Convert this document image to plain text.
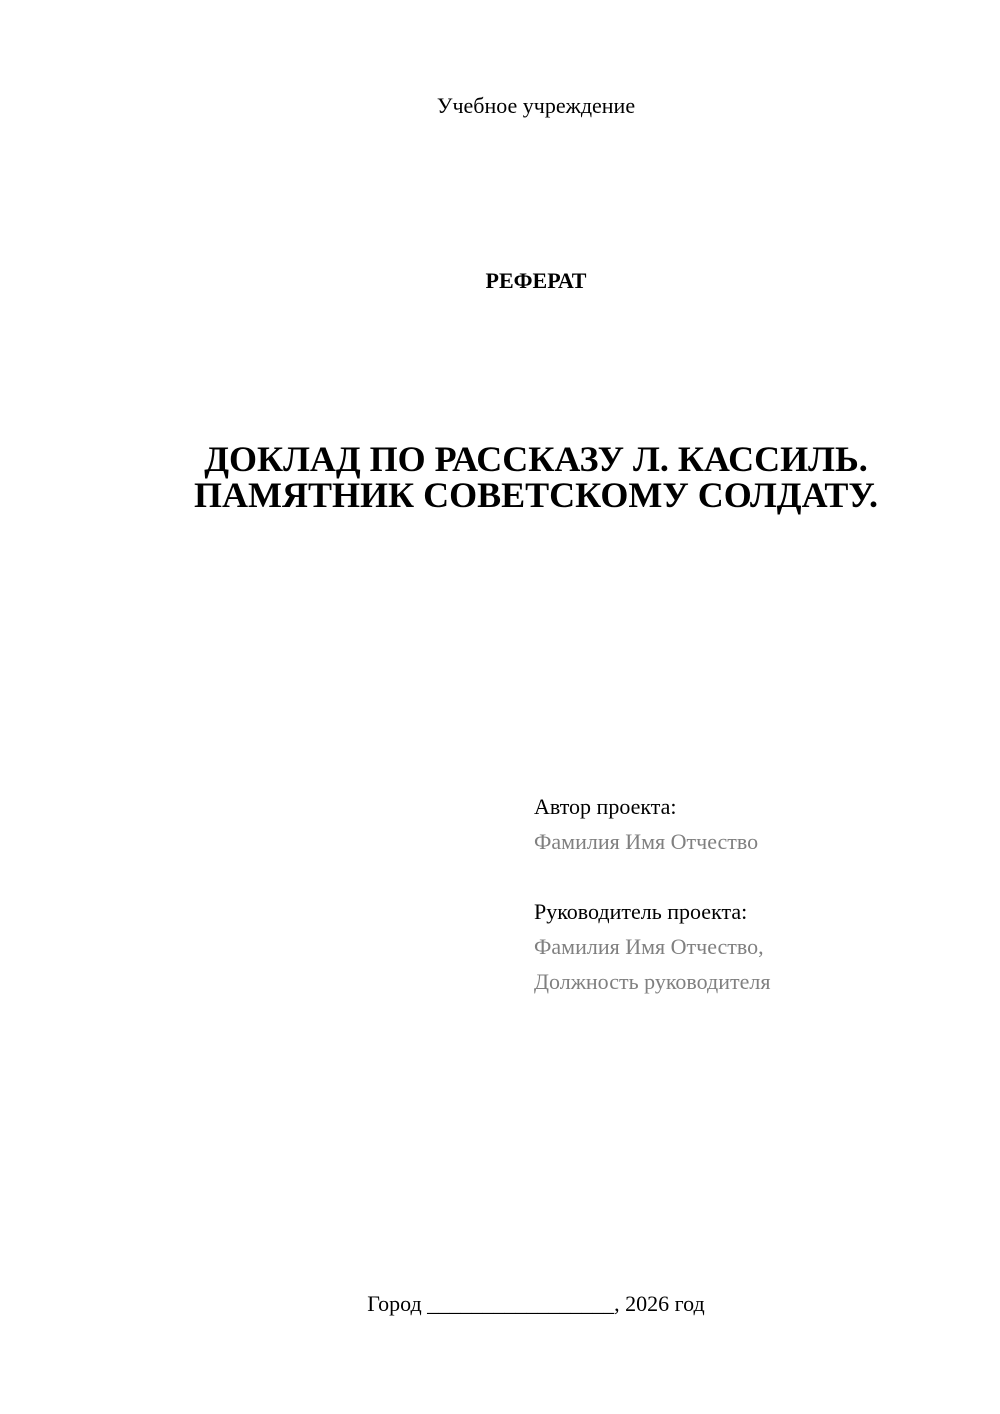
Учебное учреждение
РЕФЕРАТ
ДОКЛАД ПО РАССКАЗУ Л. КАССИЛЬ.
ПАМЯТНИК СОВЕТСКОМУ СОЛДАТУ.
Автор проекта:
Фамилия Имя Отчество
Руководитель проекта:
Фамилия Имя Отчество,
Должность руководителя
Город _________________, 2026 год
